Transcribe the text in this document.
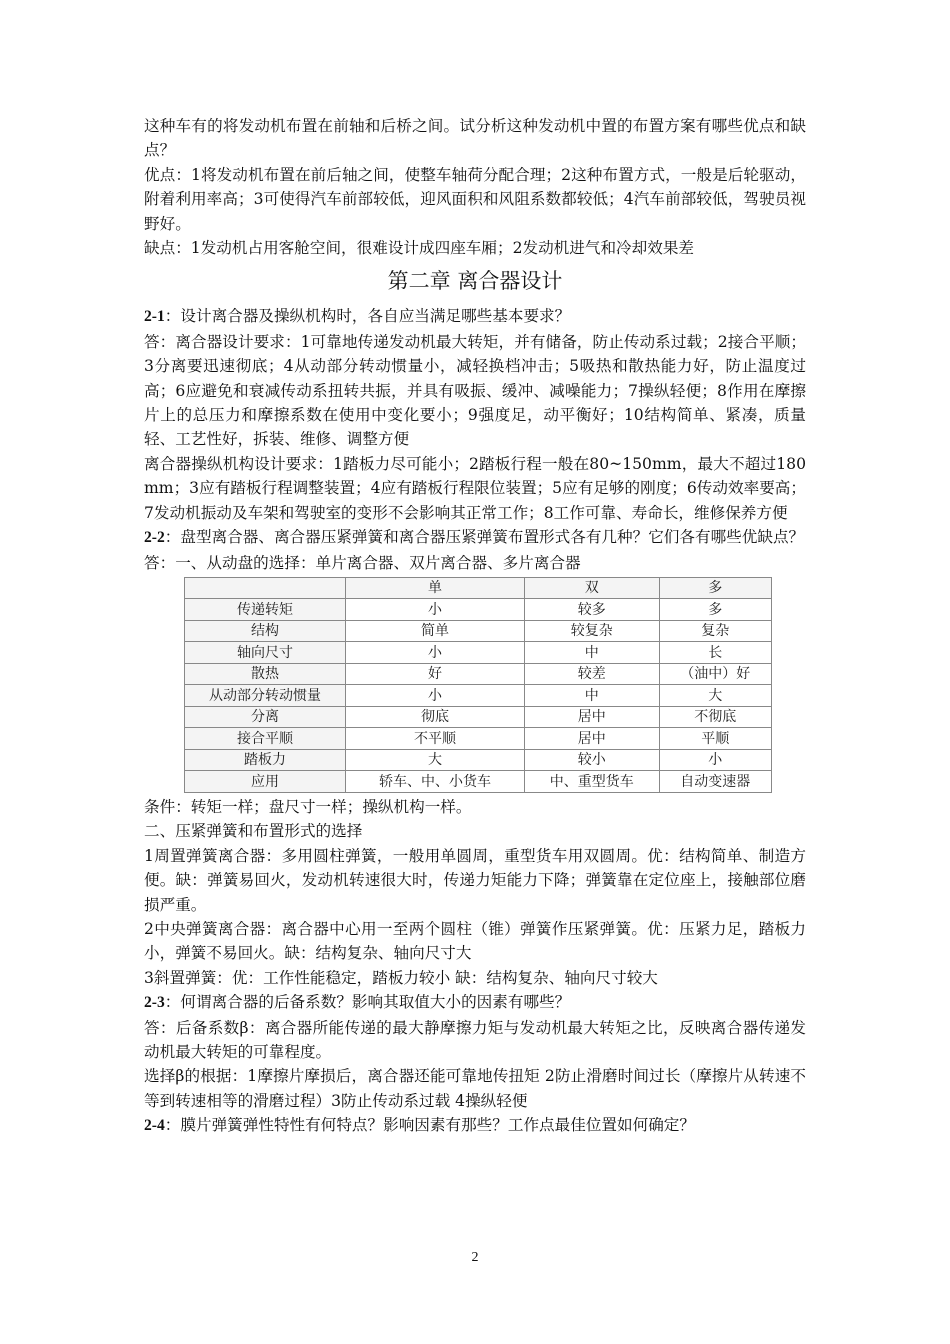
这种车有的将发动机布置在前轴和后桥之间。试分析这种发动机中置的布置方案有哪些优点和缺点？

优点：1将发动机布置在前后轴之间，使整车轴荷分配合理；2这种布置方式，一般是后轮驱动，附着利用率高；3可使得汽车前部较低，迎风面积和风阻系数都较低；4汽车前部较低，驾驶员视野好。

缺点：1发动机占用客舱空间，很难设计成四座车厢；2发动机进气和冷却效果差

第二章 离合器设计

2-1：设计离合器及操纵机构时，各自应当满足哪些基本要求？

答：离合器设计要求：1可靠地传递发动机最大转矩，并有储备，防止传动系过载；2接合平顺；3分离要迅速彻底；4从动部分转动惯量小，减轻换档冲击；5吸热和散热能力好，防止温度过高；6应避免和衰减传动系扭转共振，并具有吸振、缓冲、减噪能力；7操纵轻便；8作用在摩擦片上的总压力和摩擦系数在使用中变化要小；9强度足，动平衡好；10结构简单、紧凑，质量轻、工艺性好，拆装、维修、调整方便

离合器操纵机构设计要求：1踏板力尽可能小；2踏板行程一般在80~150mm，最大不超过180mm；3应有踏板行程调整装置；4应有踏板行程限位装置；5应有足够的刚度；6传动效率要高；7发动机振动及车架和驾驶室的变形不会影响其正常工作；8工作可靠、寿命长，维修保养方便

2-2：盘型离合器、离合器压紧弹簧和离合器压紧弹簧布置形式各有几种？它们各有哪些优缺点？

答：一、从动盘的选择：单片离合器、双片离合器、多片离合器

	单	双	多
传递转矩	小	较多	多
结构	简单	较复杂	复杂
轴向尺寸	小	中	长
散热	好	较差	（油中）好
从动部分转动惯量	小	中	大
分离	彻底	居中	不彻底
接合平顺	不平顺	居中	平顺
踏板力	大	较小	小
应用	轿车、中、小货车	中、重型货车	自动变速器

条件：转矩一样；盘尺寸一样；操纵机构一样。

二、压紧弹簧和布置形式的选择

1周置弹簧离合器：多用圆柱弹簧，一般用单圆周，重型货车用双圆周。优：结构简单、制造方便。缺：弹簧易回火，发动机转速很大时，传递力矩能力下降；弹簧靠在定位座上，接触部位磨损严重。

2中央弹簧离合器：离合器中心用一至两个圆柱（锥）弹簧作压紧弹簧。优：压紧力足，踏板力小，弹簧不易回火。缺：结构复杂、轴向尺寸大

3斜置弹簧：优：工作性能稳定，踏板力较小 缺：结构复杂、轴向尺寸较大

2-3：何谓离合器的后备系数？影响其取值大小的因素有哪些？

答：后备系数β：离合器所能传递的最大静摩擦力矩与发动机最大转矩之比，反映离合器传递发动机最大转矩的可靠程度。

选择β的根据：1摩擦片摩损后，离合器还能可靠地传扭矩 2防止滑磨时间过长（摩擦片从转速不等到转速相等的滑磨过程）3防止传动系过载 4操纵轻便

2-4：膜片弹簧弹性特性有何特点？影响因素有那些？工作点最佳位置如何确定？

2
